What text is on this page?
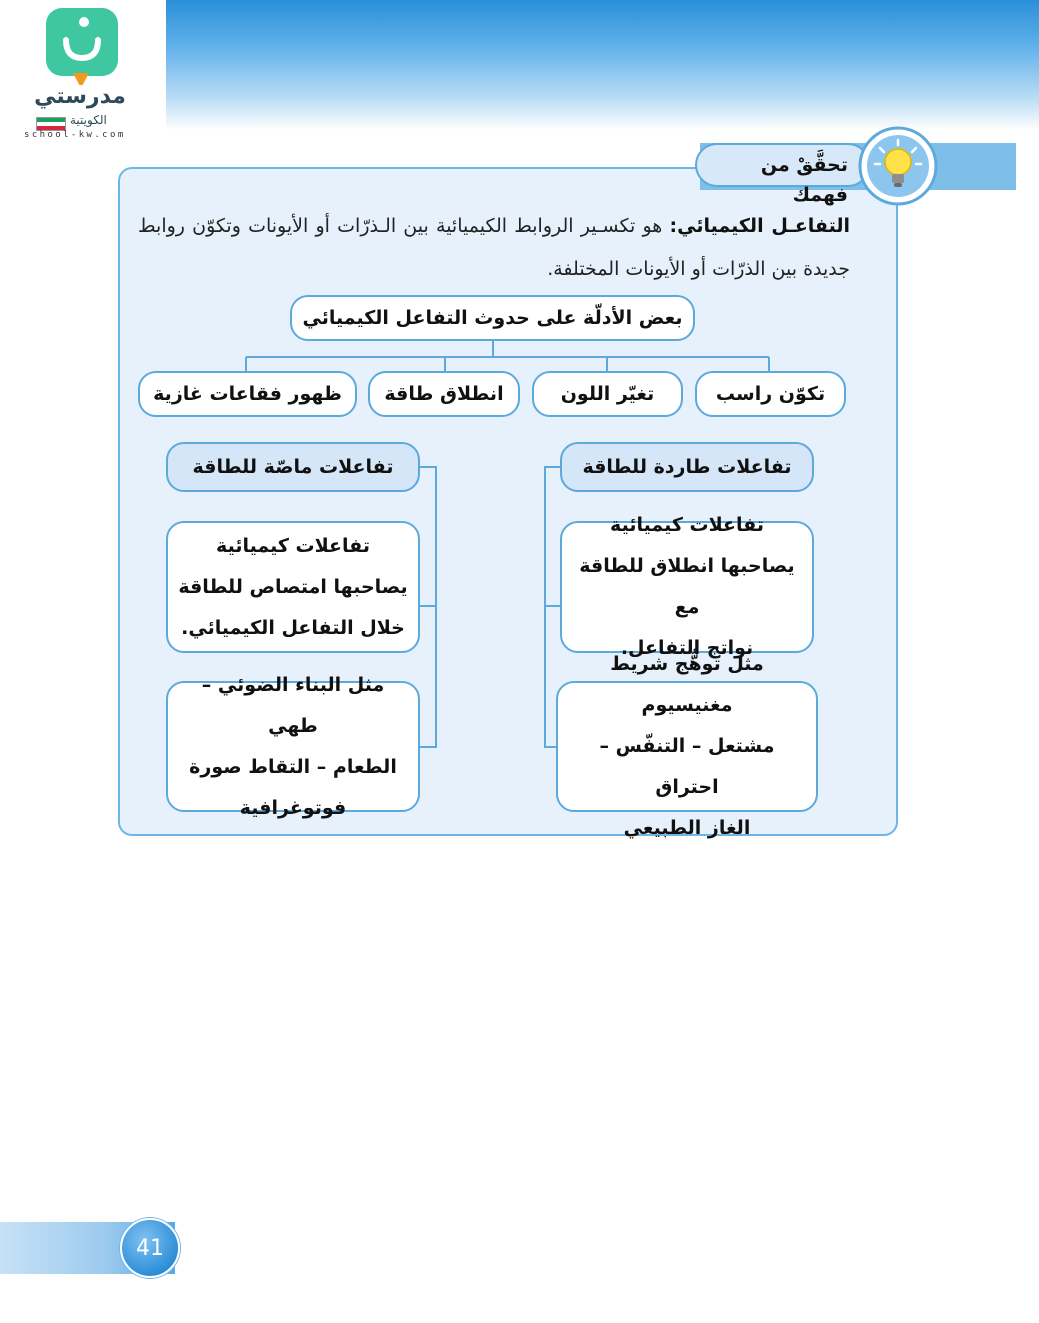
مدرستي
الكويتية
school-kw.com
تحقَّقْ من فهمك
التفاعـل الكيميائي: هو تكسـير الروابط الكيميائية بين الـذرّات أو الأيونات وتكوّن روابط جديدة بين الذرّات أو الأيونات المختلفة.
بعض الأدلّة على حدوث التفاعل الكيميائي
تكوّن راسب
تغيّر اللون
انطلاق طاقة
ظهور فقاعات غازية
تفاعلات طاردة للطاقة
تفاعلات ماصّة للطاقة
تفاعلات كيميائية
يصاحبها انطلاق للطاقة مع
نواتج التفاعل.
تفاعلات كيميائية
يصاحبها امتصاص للطاقة
خلال التفاعل الكيميائي.
مثل توهُّج شريط مغنيسيوم
مشتعل – التنفّس – احتراق
الغاز الطبيعي
مثل البناء الضوئي – طهي
الطعام – التقاط صورة
فوتوغرافية
41
